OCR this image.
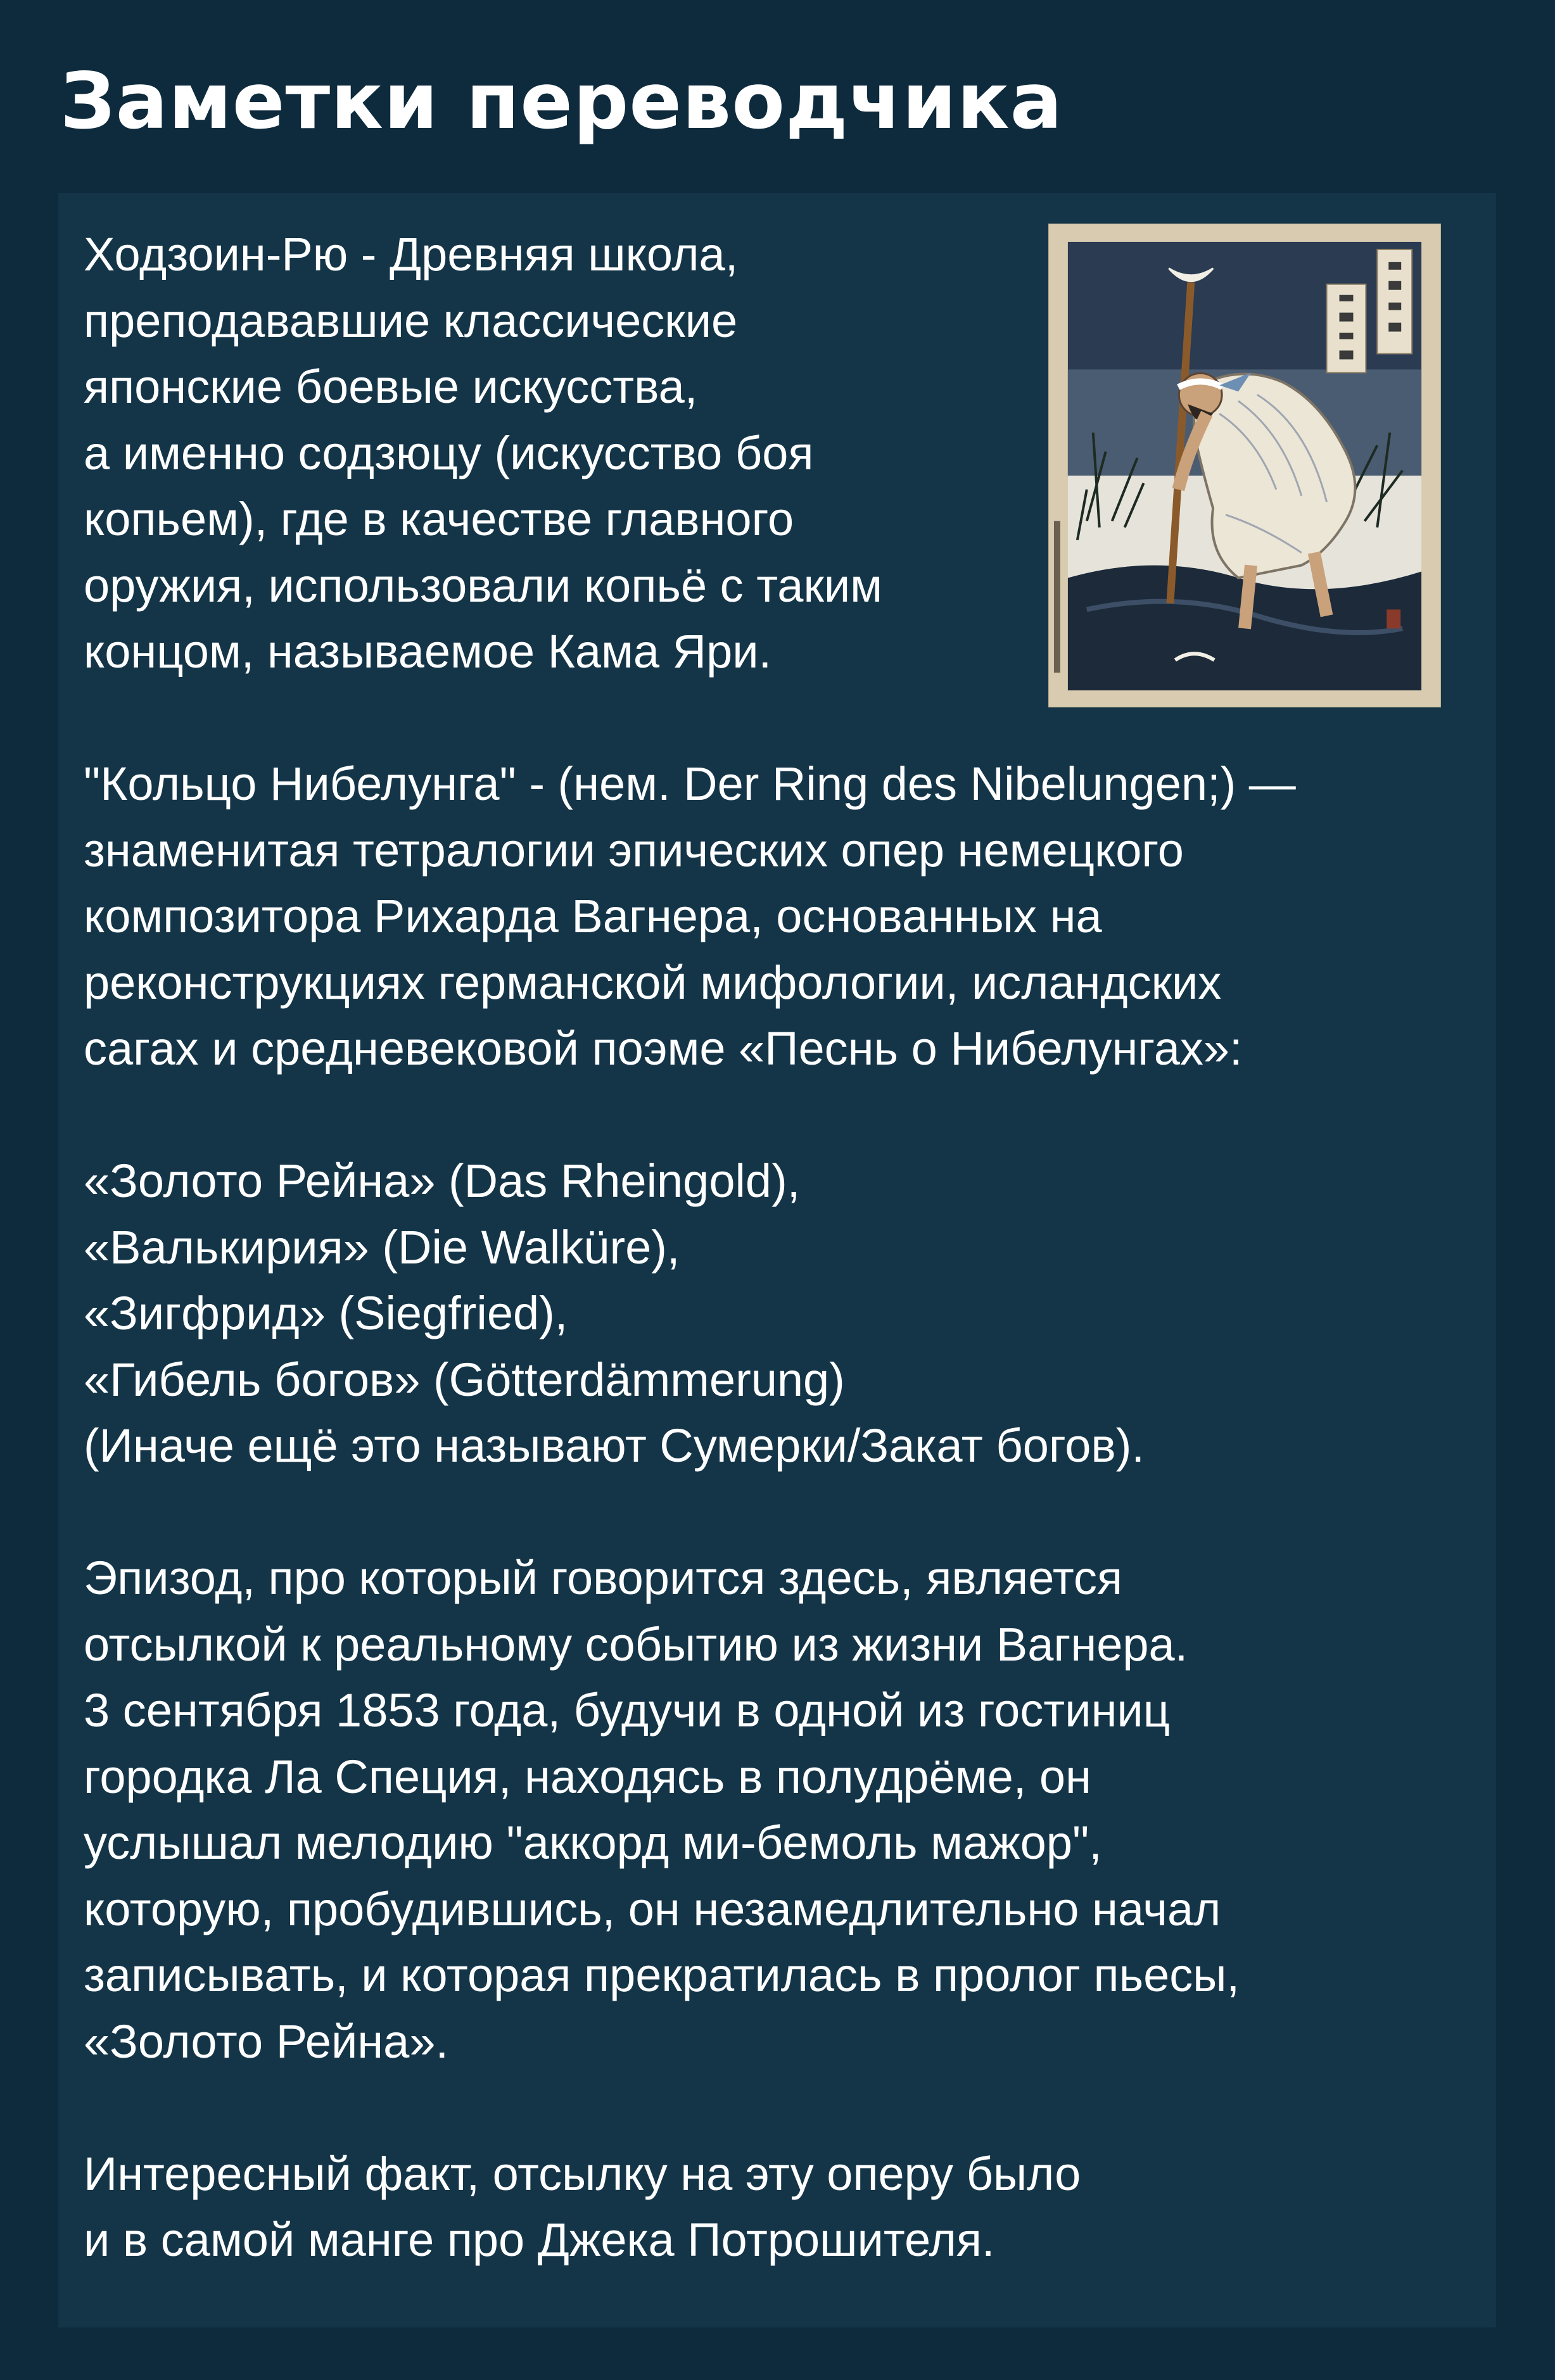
Заметки переводчика
Ходзоин-Рю - Древняя школа,
преподававшие классические
японские боевые искусства,
а именно содзюцу (искусство боя
копьем), где в качестве главного
оружия, использовали копьё с таким
концом, называемое Кама Яри.
"Кольцо Нибелунга" - (нем. Der Ring des Nibelungen;) —
знаменитая тетралогии эпических опер немецкого
композитора Рихарда Вагнера, основанных на
реконструкциях германской мифологии, исландских
сагах и средневековой поэме «Песнь о Нибелунгах»:
«Золото Рейна» (Das Rheingold),
«Валькирия» (Die Walküre),
«Зигфрид» (Siegfried),
«Гибель богов» (Götterdämmerung)
(Иначе ещё это называют Сумерки/Закат богов).
Эпизод, про который говорится здесь, является
отсылкой к реальному событию из жизни Вагнера.
3 сентября 1853 года, будучи в одной из гостиниц
городка Ла Специя, находясь в полудрёме, он
услышал мелодию "аккорд ми-бемоль мажор",
которую, пробудившись, он незамедлительно начал
записывать, и которая прекратилась в пролог пьесы,
«Золото Рейна».
Интересный факт, отсылку на эту оперу было
и в самой манге про Джека Потрошителя.
